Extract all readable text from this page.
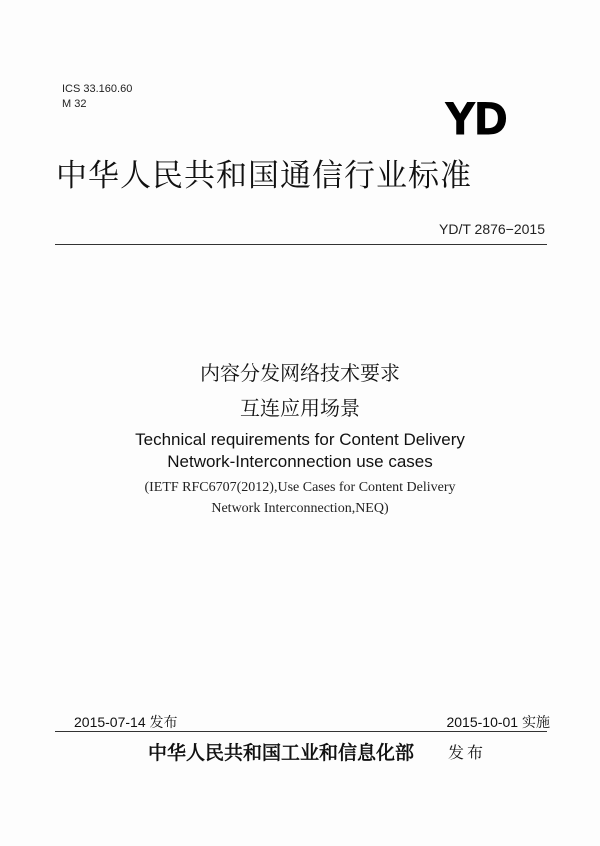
ICS 33.160.60
M 32	YD
中华人民共和国通信行业标准
YD/T 2876−2015
内容分发网络技术要求
互连应用场景
Technical requirements for Content Delivery
Network-Interconnection use cases
(IETF RFC6707(2012),Use Cases for Content Delivery
Network Interconnection,NEQ)
2015-07-14 发布	2015-10-01 实施
中华人民共和国工业和信息化部 发布
